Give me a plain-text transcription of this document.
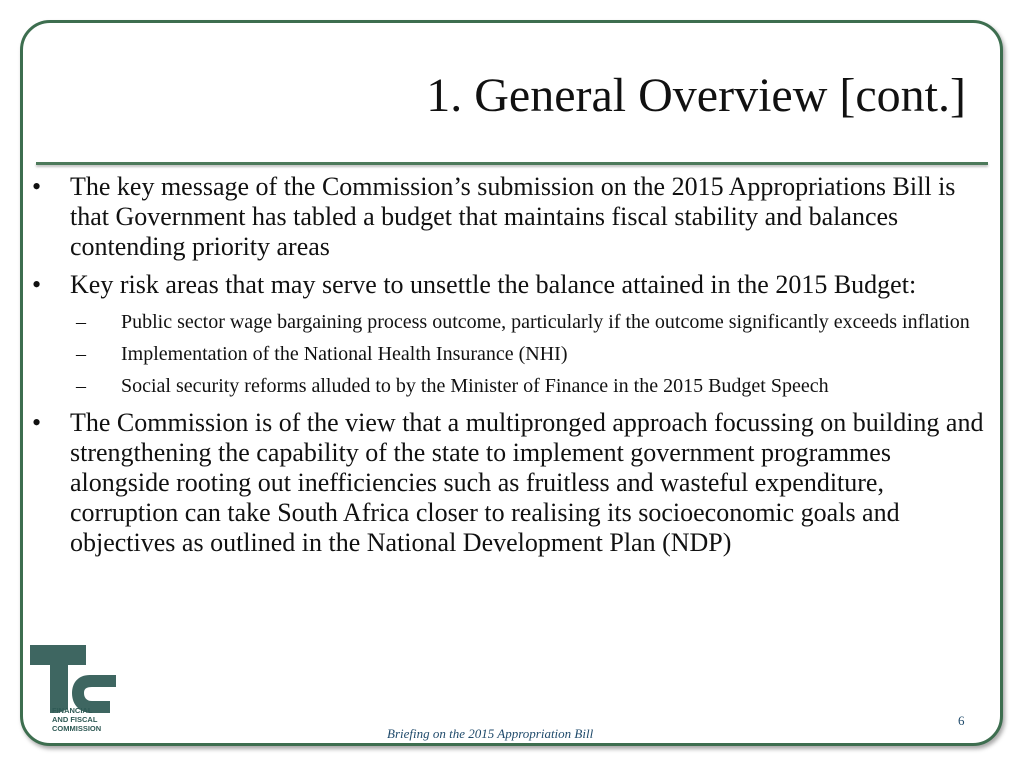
1. General Overview [cont.]
• The key message of the Commission’s submission on the 2015 Appropriations Bill is that Government has tabled a budget that maintains fiscal stability and balances contending priority areas
• Key risk areas that may serve to unsettle the balance attained in the 2015 Budget:
– Public sector wage bargaining process outcome, particularly if the outcome significantly exceeds inflation
– Implementation of the National Health Insurance (NHI)
– Social security reforms alluded to by the Minister of Finance in the 2015 Budget Speech
• The Commission is of the view that a multipronged approach focussing on building and strengthening the capability of the state to implement government programmes alongside rooting out inefficiencies such as fruitless and wasteful expenditure, corruption can take South Africa closer to realising its socioeconomic goals and objectives as outlined in the National Development Plan (NDP)
FINANCIAL
AND FISCAL
COMMISSION	Briefing on the 2015 Appropriation Bill
6
